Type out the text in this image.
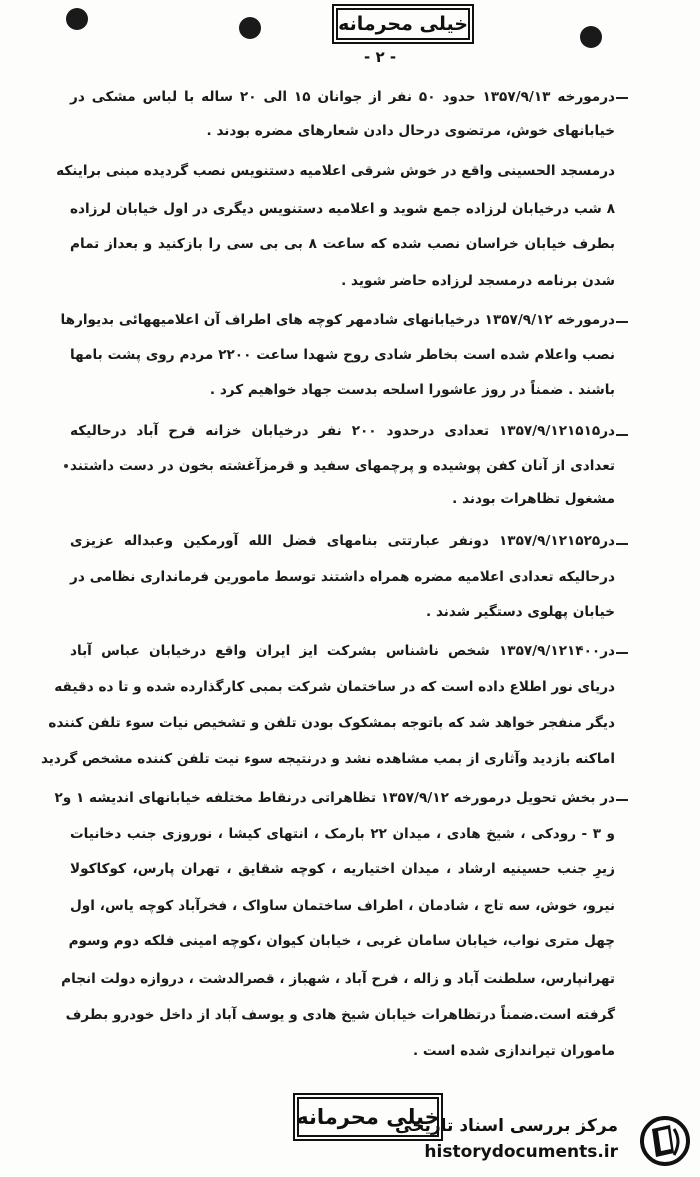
خیلی محرمانه
- ۲ -
درمورخه ۱۳۵۷/۹/۱۳ حدود ۵۰ نفر از جوانان ۱۵ الی ۲۰ ساله با لباس مشکی در
خیابانهای خوش، مرتضوی درحال دادن شعارهای مضره بودند .
درمسجد الحسینی واقع در خوش شرقی اعلامیه دستنویس نصب گردیده مبنی براینکه
۸ شب درخیابان لرزاده جمع شوید و اعلامیه دستنویس دیگری در اول خیابان لرزاده
بطرف خیابان خراسان نصب شده که ساعت ۸ بی بی سی را بازکنید و بعداز تمام
شدن برنامه درمسجد لرزاده حاضر شوید .
درمورخه ۱۳۵۷/۹/۱۲ درخیابانهای شادمهر کوچه های اطراف آن اعلامیههائی بدیوارها
نصب واعلام شده است بخاطر شادی روح شهدا ساعت ۲۲۰۰ مردم روی پشت بامها
باشند . ضمناً در روز عاشورا اسلحه بدست جهاد خواهیم کرد .
در۱۳۵۷/۹/۱۲۱۵۱۵ تعدادی درحدود ۲۰۰ نفر درخیابان خزانه فرح آباد درحالیکه
تعدادی از آنان کفن پوشیده و پرچمهای سفید و قرمزآغشته بخون در دست داشتند
مشغول تظاهرات بودند .
در۱۳۵۷/۹/۱۲۱۵۲۵ دونفر عبارتتی بنامهای فضل الله آورمکین وعبداله عزیزی
درحالیکه تعدادی اعلامیه مضره همراه داشتند توسط مامورین فرمانداری نظامی در
خیابان پهلوی دستگیر شدند .
در۱۳۵۷/۹/۱۲۱۴۰۰ شخص ناشناس بشرکت ایز ایران واقع درخیابان عباس آباد
دریای نور اطلاع داده است که در ساختمان شرکت بمبی کارگذارده شده و تا ده دقیقه
دیگر منفجر خواهد شد که باتوجه بمشکوک بودن تلفن و تشخیص نیات سوء تلفن کننده
اماکنه بازدید وآثاری از بمب مشاهده نشد و درنتیجه سوء نیت تلفن کننده مشخص گردید
در بخش تحویل درمورخه ۱۳۵۷/۹/۱۲ تظاهراتی درنقاط مختلفه خیابانهای اندیشه ۱ و۲
و ۳ - رودکی ، شیخ هادی ، میدان ۲۲ بارمک ، انتهای کیشا ، نوروزی جنب دخانیات
زیرِ جنب حسینیه ارشاد ، میدان اختیاریه ، کوچه شقایق ، تهران پارس، کوکاکولا
نیرو، خوش، سه تاج ، شادمان ، اطراف ساختمان ساواک ، فخرآباد کوچه یاس، اول
چهل متری نواب، خیابان سامان غربی ، خیابان کیوان ،کوچه امینی فلکه دوم وسوم
تهرانپارس، سلطنت آباد و زاله ، فرح آباد ، شهباز ، قصرالدشت ، دروازه دولت انجام
گرفته است.ضمناً درتظاهرات خیابان شیخ هادی و یوسف آباد از داخل خودرو بطرف
ماموران تیراندازی شده است .
خیلی محرمانه
مرکز بررسی اسناد تاریخی
historydocuments.ir
